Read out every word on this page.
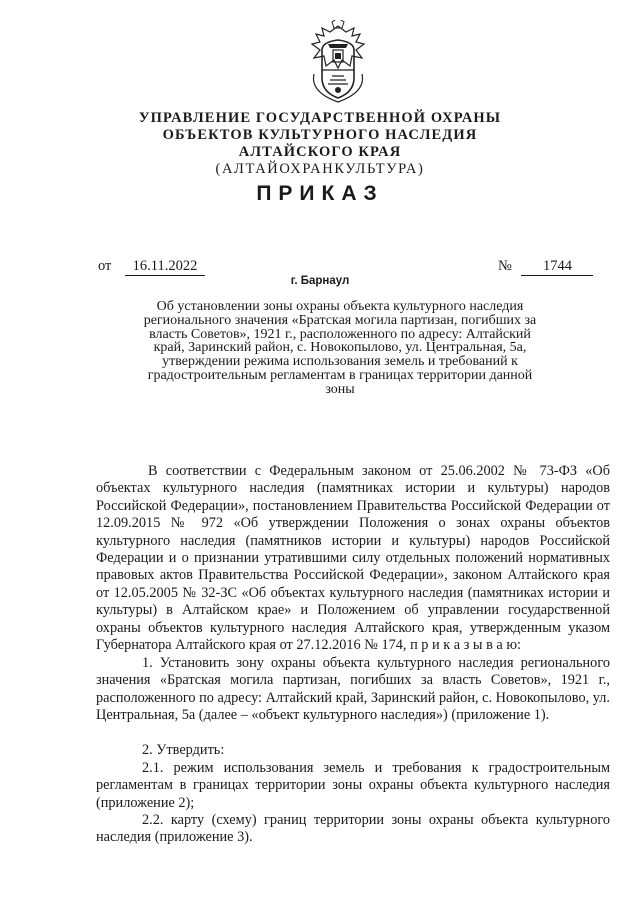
УПРАВЛЕНИЕ ГОСУДАРСТВЕННОЙ ОХРАНЫ
ОБЪЕКТОВ КУЛЬТУРНОГО НАСЛЕДИЯ
АЛТАЙСКОГО КРАЯ
(АЛТАЙОХРАНКУЛЬТУРА)
ПРИКАЗ
от 16.11.2022	№ 1744
г. Барнаул
Об установлении зоны охраны объекта культурного наследия регионального значения «Братская могила партизан, погибших за власть Советов», 1921 г., расположенного по адресу: Алтайский край, Заринский район, с. Новокопылово, ул. Центральная, 5а, утверждении режима использования земель и требований к градостроительным регламентам в границах территории данной зоны
В соответствии с Федеральным законом от 25.06.2002 № 73-ФЗ «Об объектах культурного наследия (памятниках истории и культуры) народов Российской Федерации», постановлением Правительства Российской Федерации от 12.09.2015 № 972 «Об утверждении Положения о зонах охраны объектов культурного наследия (памятников истории и культуры) народов Российской Федерации и о признании утратившими силу отдельных положений нормативных правовых актов Правительства Российской Федерации», законом Алтайского края от 12.05.2005 № 32-ЗС «Об объектах культурного наследия (памятниках истории и культуры) в Алтайском крае» и Положением об управлении государственной охраны объектов культурного наследия Алтайского края, утвержденным указом Губернатора Алтайского края от 27.12.2016 № 174, п р и к а з ы в а ю:
1. Установить зону охраны объекта культурного наследия регионального значения «Братская могила партизан, погибших за власть Советов», 1921 г., расположенного по адресу: Алтайский край, Заринский район, с. Новокопылово, ул. Центральная, 5а (далее – «объект культурного наследия») (приложение 1).
2. Утвердить:
2.1. режим использования земель и требования к градостроительным регламентам в границах территории зоны охраны объекта культурного наследия (приложение 2);
2.2. карту (схему) границ территории зоны охраны объекта культурного наследия (приложение 3).
